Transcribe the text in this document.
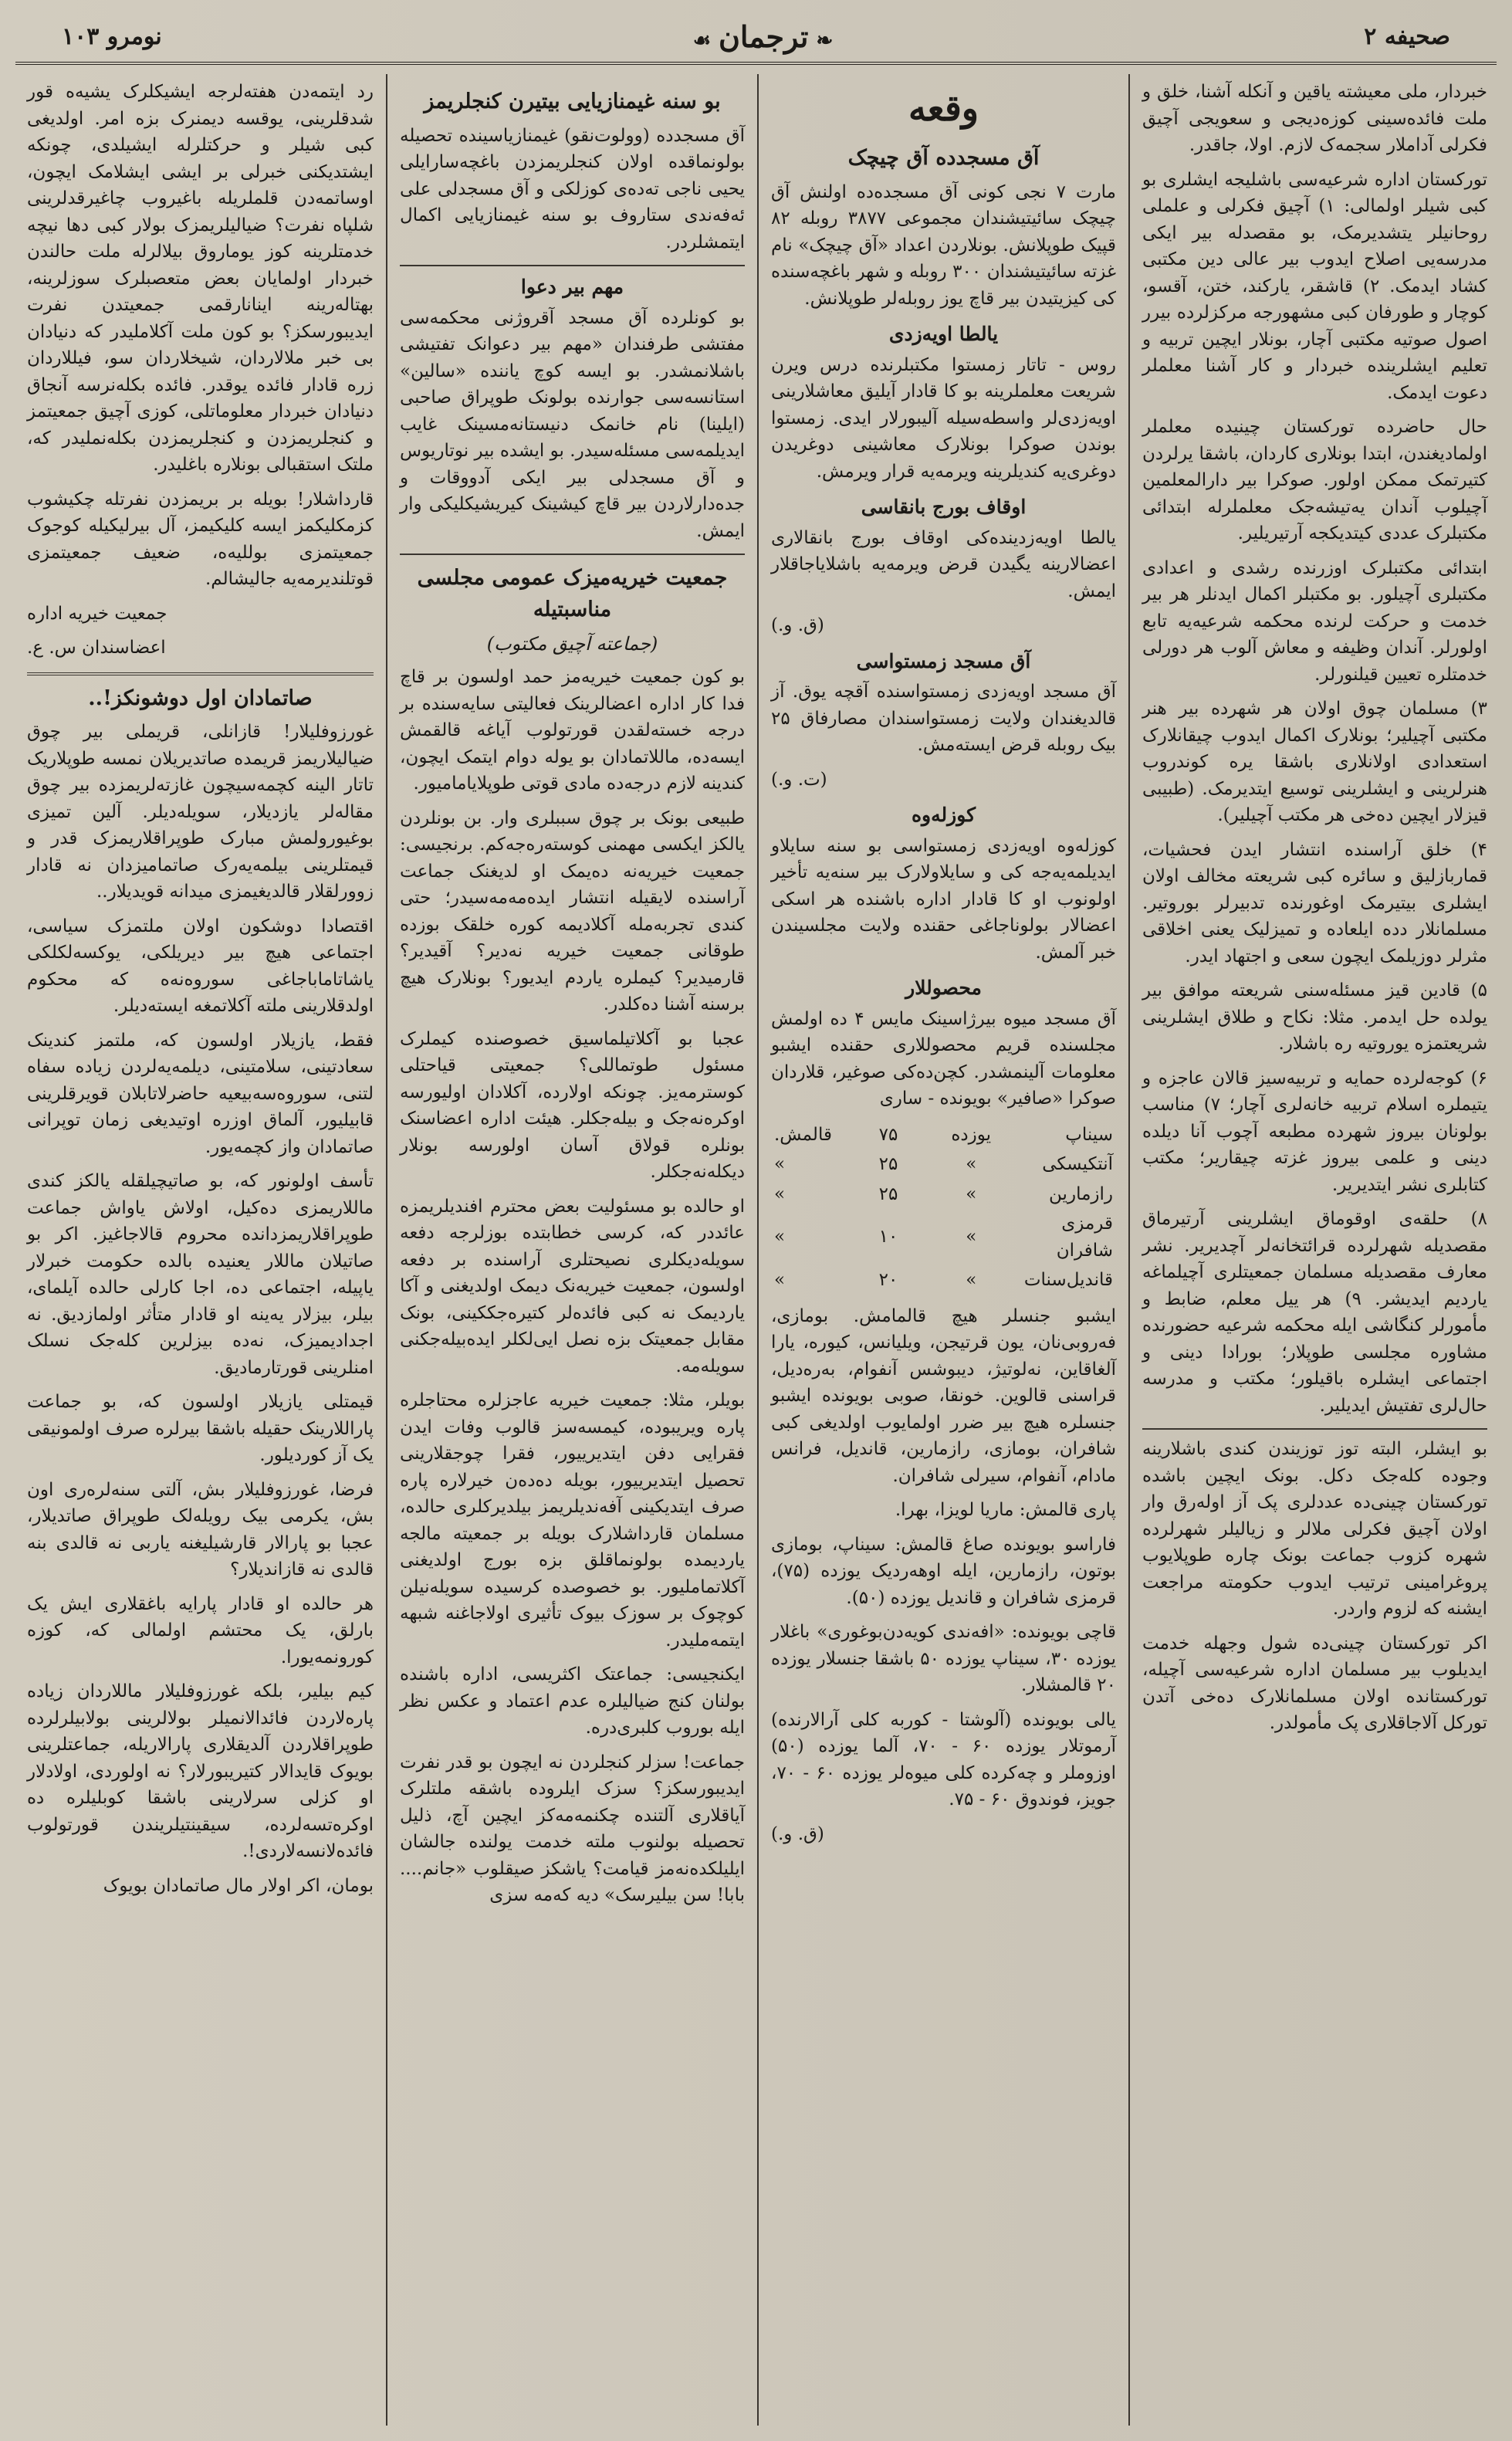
صحیفه ۲
❧ترجمان☙
نومرو ۱۰۳

خبردار، ملی معیشته یاقین و آنکله آشنا، خلق و ملت فائده‌سینی کوزه‌دیجی و سعویجی آچیق فکرلی آداملار سجمه‌ک لازم. اولا، جاقدر.

تورکستان اداره شرعیه‌سی باشلیجه ایشلری بو کبی شیلر اولمالی: ۱) آچیق فکرلی و علملی روحانیلر یتشدیرمک، بو مقصدله بیر ایکی مدرسه‌یی اصلاح ایدوب بیر عالی دین مکتبی کشاد ایدمک. ۲) قاشقر، یارکند، ختن، آقسو، کوچار و طورفان کبی مشهورجه مرکزلرده بیرر اصول صوتیه مکتبی آچار، بونلار ایچین تربیه و تعلیم ایشلرینده خبردار و کار آشنا معلملر دعوت ایدمک.

حال حاضرده تورکستان چینیده معلملر اولمادیغندن، ابتدا بونلاری کاردان، باشقا یرلردن کتیرتمک ممکن اولور. صوکرا بیر دارالمعلمین آچیلوب آندان یه‌تیشه‌جک معلملرله ابتدائی مکتبلرک عددی کیتدیکجه آرتیریلیر.

ابتدائی مکتبلرک اوزرنده رشدی و اعدادی مکتبلری آچیلور. بو مکتبلر اکمال ایدنلر هر بیر خدمت و حرکت لرنده محکمه شرعیه‌یه تابع اولورلر. آندان وظیفه و معاش آلوب هر دورلی خدمتلره تعیین قیلنورلر.

۳) مسلمان چوق اولان هر شهرده بیر هنر مکتبی آچیلیر؛ بونلارک اکمال ایدوب چیقانلارک استعدادی اولانلاری باشقا یره کوندروب هنرلرینی و ایشلرینی توسیع ایتدیرمک. (طبیبی قیزلار ایچین ده‌خی هر مکتب آچیلیر).

۴) خلق آراسنده انتشار ایدن فحشیات، قماربازلیق و سائره کبی شریعته مخالف اولان ایشلری بیتیرمک اوغورنده تدبیرلر بوروتیر. مسلمانلار دده ایلعاده و تمیزلیک یعنی اخلاقی مثرلر دوزیلمک ایچون سعی و اجتهاد ایدر.

۵) قادین قیز مسئله‌سنی شریعته موافق بیر یولده حل ایدمر. مثلا: نکاح و طلاق ایشلرینی شریعتمزه یوروتیه ره باشلار.

۶) کوجه‌لرده حمایه و تربیه‌سیز قالان عاجزه و یتیملره اسلام تربیه خانه‌لری آچار؛ ۷) مناسب بولونان بیروز شهرده مطبعه آچوب آنا دیلده دینی و علمی بیروز غزته چیقاریر؛ مکتب کتابلری نشر ایتدیریر.

۸) حلقه‌ی اوقوماق ایشلرینی آرتیرماق مقصدیله شهرلرده قرائتخانه‌لر آچدیریر. نشر معارف مقصدیله مسلمان جمعیتلری آچیلماغه یاردیم ایدیشر. ۹) هر ییل معلم، ضابط و مأمورلر کنگاشی ایله محکمه شرعیه حضورنده مشاوره مجلسی طوپلار؛ بورادا دینی و اجتماعی ایشلره باقیلور؛ مکتب و مدرسه حال‌لری تفتیش ایدیلیر.

بو ایشلر، البته توز توزیندن کندی باشلارینه وجوده کله‌جک دکل. بونک ایچین باشده تورکستان چینی‌ده عددلری پک آز اوله‌رق وار اولان آچیق فکرلی ملالر و زیالیلر شهرلرده شهره کزوب جماعت بونک چاره طوپلایوب پروغرامینی ترتیب ایدوب حکومته مراجعت ایشنه که لزوم واردر.

اکر تورکستان چینی‌ده شول وجهله خدمت ایدیلوب بیر مسلمان اداره شرعیه‌سی آچیله، تورکستانده اولان مسلمانلارک ده‌خی آتدن تورکل آلاجاقلاری پک مأمولدر.

وقعه
آق مسجدده آق چیچک

مارت ۷ نجی کونی آق مسجده‌ده اولنش آق چیچک سائیتیشندان مجموعی ۳۸۷۷ روبله ۸۲ قپیک طوپلانش. بونلاردن اعداد «آق چیچک» نام غزته سائیتیشندان ۳۰۰ روبله و شهر باغچه‌سنده کی کیزیتیدن بیر قاچ یوز روبله‌لر طوپلانش.

یالطا اویه‌زدی

روس - تاتار زمستوا مکتبلرنده درس ویرن شریعت معلملرینه بو کا قادار آیلیق معاشلارینی اویه‌زدی‌لر واسطه‌سیله آلیبورلار ایدی. زمستوا بوندن صوکرا بونلارک معاشینی دوغریدن دوغری‌یه کندیلرینه ویرمه‌یه قرار ویرمش.

اوقاف بورج بانقاسی

یالطا اویه‌زدینده‌کی اوقاف بورج بانقالاری اعضالارینه یگیدن قرض ویرمه‌یه باشلایاجاقلار ایمش.

(ق. و.)
آق مسجد زمستواسی

آق مسجد اویه‌زدی زمستواسنده آقچه یوق. آز قالدیغندان ولایت زمستواسندان مصارفاق ۲۵ بیک روبله قرض ایسته‌مش.

(ت. و.)
کوزله‌وه

کوزله‌وه اویه‌زدی زمستواسی بو سنه سایلاو ایدیلمه‌یه‌جه کی و سایلاولارک بیر سنه‌یه تأخیر اولونوب او کا قادار اداره باشنده هر اسکی اعضالار بولوناجاغی حقنده ولایت مجلسیندن خبر آلمش.

محصوللار

آق مسجد میوه بیرژاسینک مایس ۴ ده اولمش مجلسنده قریم محصوللاری حقنده ایشبو معلومات آلینمشدر. کچن‌ده‌کی صوغیر، قلاردان صوکرا «صافیر» بویونده - ساری

سیناپ	یوزده	۷۵	قالمش.
آنتکیسکی	»	۲۵	»
رازمارین	»	۲۵	»
قرمزی شافران	»	۱۰	»
قاندیل‌سنات	»	۲۰	»

ایشبو جنسلر هیچ قالمامش. بومازی، فه‌روبی‌نان، یون قرتیجن، ویلیانس، کیوره، یارا آلغاقاین، نه‌لوتیژ، دیبوشس آنفوام، به‌ره‌دیل، قراسنی قالوین. خونقا، صوبی بویونده ایشبو جنسلره هیچ بیر ضرر اولمایوب اولدیغی کبی شافران، بومازی، رازمارین، قاندیل، فرانس مادام، آنفوام، سیرلی شافران.

پاری قالمش: ماریا لویزا، بهرا.

فاراسو بویونده صاغ قالمش: سیناپ، بومازی بوتون، رازمارین، ایله اوهه‌ردیک یوزده (۷۵)، قرمزی شافران و قاندیل یوزده (۵۰).

قاچی بویونده: «افه‌ندی کویه‌دن‌بوغوری» باغلار یوزده ۳۰، سیناپ یوزده ۵۰ باشقا جنسلار یوزده ۲۰ قالمشلار.

یالی بویونده (آلوشتا - کوربه کلی آرالارنده) آرموتلار یوزده ۶۰ - ۷۰، آلما یوزده (۵۰) اوزوملر و چه‌کرده کلی میوه‌لر یوزده ۶۰ - ۷۰، جویز، فوندوق ۶۰ - ۷۵.

(ق. و.)
بو سنه غیمنازیایی بیتیرن کنجلریمز

آق مسجدده (وولوت‌نقو) غیمنازیاسینده تحصیله بولونماقده اولان کنجلریمزدن باغچه‌سارایلی یحیی ناجی ته‌ده‌ی کوزلکی و آق مسجدلی علی ئه‌فه‌ندی ستاروف بو سنه غیمنازیایی اکمال ایتمشلردر.

مهم بیر دعوا

بو کونلرده آق مسجد آقروژنی محکمه‌سی مفتشی طرفندان «مهم بیر دعوانک تفتیشی باشلانمشدر. بو ایسه کوچ یاننده «سالین» استانسه‌سی جوارنده بولونک طوپراق صاحبی (ایلینا) نام خانمک دنیستانه‌مسینک غایب ایدیلمه‌سی مسئله‌سیدر. بو ایشده بیر نوتاریوس و آق مسجدلی بیر ایکی آدووقات و جده‌دارلاردن بیر قاچ کیشینک کیریشیکلیکی وار ایمش.

جمعیت خیریه‌میزک عمومی مجلسی مناسبتیله
(جماعته آچیق مکتوب)

بو کون جمعیت خیریه‌مز حمد اولسون بر قاچ فدا کار اداره اعضالرینک فعالیتی سایه‌سنده بر درجه خسته‌لقدن قورتولوب آیاغه قالقمش ایسه‌ده، ماللاتمادان بو یوله دوام ایتمک ایچون، کندینه لازم درجه‌ده مادی قوتی طوپلایامامیور.

طبیعی بونک بر چوق سببلری وار. بن بونلردن یالکز ایکسی مهمنی کوسته‌ره‌جه‌کم. برنجیسی: جمعیت خیریه‌نه ده‌یمک او لدیغنک جماعت آراسنده لایقیله انتشار ایده‌مه‌مه‌سیدر؛ حتی کندی تجربه‌مله آکلادیمه کوره خلقک بوزده طوقانی جمعیت خیریه نه‌دیر؟ آقیدیر؟ قارمیدیر؟ کیملره یاردم ایدیور؟ بونلارک هیچ برسنه آشنا ده‌کلدر.

عجبا بو آکلاتیلماسیق خصوصنده کیملرک مسئول طوتماللی؟ جمعیتی قیاحتلی کوسترمه‌یز. چونکه اولارده، آکلادان اولیورسه اوکره‌نه‌جک و بیله‌جکلر. هیئت اداره اعضاسنک بونلره قولاق آسان اولورسه بونلار دیکله‌نه‌جکلر.

او حالده بو مسئولیت بعض محترم افندیلریمزه عائددر که، کرسی خطابتده بوزلرجه دفعه سویله‌دیکلری نصیحتلری آراسنده بر دفعه اولسون، جمعیت خیریه‌نک دیمک اولدیغنی و آکا یاردیمک نه کبی فائده‌لر کتیره‌جککینی، بونک مقابل جمعیتک بزه نصل ایی‌لکلر ایده‌بیله‌جکنی سویله‌مه.

بویلر، مثلا: جمعیت خیریه عاجزلره محتاجلره پاره ویریبوده، کیمسه‌سز قالوب وفات ایدن فقرایی دفن ایتدیرییور، فقرا چوجقلارینی تحصیل ایتدیرییور، بویله ده‌ده‌ن خیرلاره پاره صرف ایتدیکینی آفه‌ندیلریمز بیلدیرکلری حالده، مسلمان قارداشلارک بویله بر جمعیته مالجه یاردیمده بولونماقلق بزه بورج اولدیغنی آکلاتماملیور. بو خصوصده کرسیده سویله‌نیلن کوچوک بر سوزک بیوک تأثیری اولاجاغنه شبهه ایتمه‌ملیدر.

ایکنجیسی: جماعتک اکثریسی، اداره باشنده بولنان کنج ضیالیلره عدم اعتماد و عکس نظر ایله بوروب کلبری‌دره.

جماعت! سزلر کنجلردن نه ایچون بو قدر نفرت ایدیبورسکز؟ سزک ایلروده باشقه ملتلرک آیاقلاری آلتنده چکنمه‌مه‌کز ایچین آچ، ذلیل تحصیله بولنوب ملته خدمت یولنده جالشان ایلیلکده‌نه‌مز قیامت؟ یاشکز صیقلوب «جانم.... بابا! سن بیلیرسک» دیه که‌مه سزی

رد ایتمه‌دن هفته‌لرجه ایشیکلرک یشیه‌ه قور شدقلرینی، یوقسه دیمنرک بزه امر. اولدیغی کبی شیلر و حرکتلرله ایشیلدی، چونکه ایشتدیکنی خبرلی بر ایشی ایشلامک ایچون، اوساتمه‌دن قلملریله باغیروب چاغیرقدلرینی شلپاه نفرت؟ ضیالیلریمزک بولار کبی دها نیچه خدمتلرینه کوز یوماروق بیلالرله ملت حالندن خبردار اولمایان بعض متعصبلرک سوزلرینه، بهتاله‌رینه اینانارقمی جمعیتدن نفرت ایدیبورسکز؟ بو کون ملت آکلاملیدر که دنیادان بی خبر ملالاردان، شیخلاردان سو، فیللاردان زره قادار فائده یوقدر. فائده بکله‌نرسه آنجاق دنیادان خبردار معلوماتلی، کوزی آچیق جمعیتمز و کنجلریمزدن و کنجلریمزدن بکله‌نملیدر که، ملتک استقبالی بونلاره باغلیدر.

قارداشلار! بویله بر بریمزدن نفرتله چکیشوب کزمکلیکمز ایسه کلیکیمز، آل بیرلیکیله کوجوک جمعیتمزی بوللیه‌ه، ضعیف جمعیتمزی قوتلندیرمه‌یه جالیشالم.

جمعیت خیریه اداره
اعضاسندان س. ع.
صاتمادان اول دوشونکز!..

غورزوفلیلار! قازانلی، قریملی بیر چوق ضیالیلاریمز قریمده صاتدیریلان نمسه طوپلاریک تاتار الینه کچمه‌سیچون غازته‌لریمزده بیر چوق مقاله‌لر یازدیلار، سویله‌دیلر. آلین تمیزی بوغیورولمش مبارک طوپراقلاریمزک قدر و قیمتلرینی بیلمه‌یه‌رک صاتمامیزدان نه قادار زوورلقلار قالدیغیمزی میدانه قویدیلار..

اقتصادا دوشکون اولان ملتمزک سیاسی، اجتماعی هیچ بیر دیریلکی، یوکسه‌لکلکی یاشاتاماباجاغی سوروه‌نه‌ه که محکوم اولدقلارینی ملته آکلاتمغه ایسته‌دیلر.

فقط، یازیلار اولسون که، ملتمز کندینک سعادتینی، سلامتینی، دیلمه‌یه‌لردن زیاده سفاه لتنی، سوروه‌سه‌بیعیه حاضرلاتابلان قویرقلرینی قابیلیور، آلماق اوزره اوتیدیغی زمان توپرانی صاتمادان واز کچمه‌یور.

تأسف اولونور که، بو صاتیچیلقله یالکز کندی ماللاریمزی ده‌کیل، اولاش یاواش جماعت طوپراقلاریمزدانده محروم قالاجاغیز. اکر بو صاتیلان ماللار یعنیده بالده حکومت خبرلار یاپیله، اجتماعی ده، اجا کارلی حالده آیلمای، بیلر، بیزلار یه‌ینه او قادار متأثر اولمازدیق. نه اجدادیمیزک، نه‌ده بیزلرین کله‌جک نسلک امنلرینی قورتارمادیق.

قیمتلی یازیلار اولسون که، بو جماعت پاراللارینک حقیله باشقا بیرلره صرف اولمونیقی یک آز کوردیلور.

فرضا، غورزوفلیلار بش، آلتی سنه‌لره‌ری اون بش، یکرمی بیک رویله‌لک طوپراق صاتدیلار، عجبا بو پارالار قارشیلیغنه یاربی نه قالدی بنه قالدی نه قازاندیلار؟

هر حالده او قادار پارایه باغقلاری ایش یک بارلق، یک محتشم اولمالی که، کوزه کورونمه‌یورا.

کیم بیلیر، بلکه غورزوفلیلار ماللاردان زیاده پاره‌لاردن فائدالانمیلر بولالرینی بولابیلرلرده طوپراقلاردن آلدیقلاری پارالاریله، جماعتلرینی بویوک قایدالار کتیریبورلار؟ نه اولوردی، اولادلار او کزلی سرلارینی باشقا کوبلیلره ده اوکره‌تسه‌لرده، سیقینتیلریندن قورتولوب فائده‌لانسه‌لاردی!.

بومان، اکر اولار مال صاتمادان بویوک
